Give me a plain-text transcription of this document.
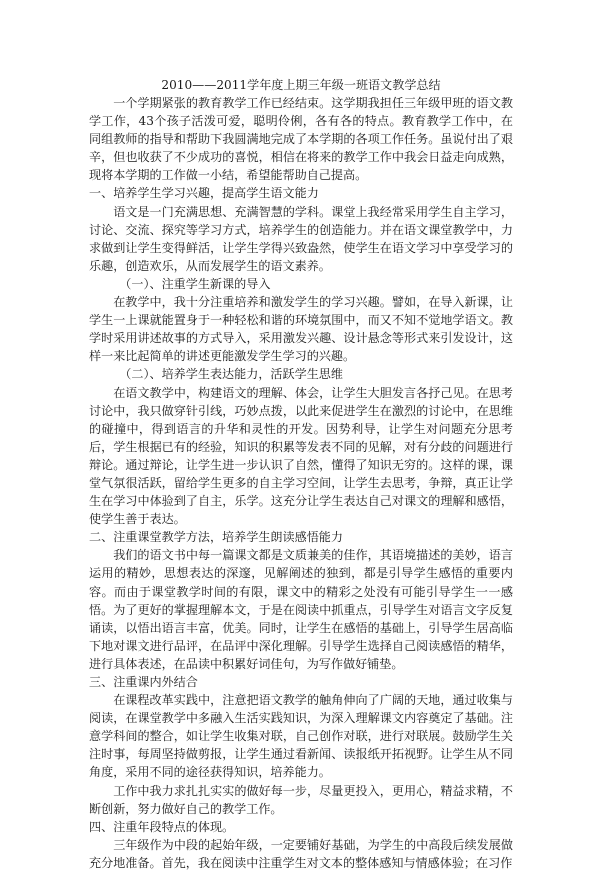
2010——2011学年度上期三年级一班语文教学总结

一个学期紧张的教育教学工作已经结束。这学期我担任三年级甲班的语文教学工作，43个孩子活泼可爱，聪明伶俐，各有各的特点。教育教学工作中，在同组教师的指导和帮助下我圆满地完成了本学期的各项工作任务。虽说付出了艰辛，但也收获了不少成功的喜悦，相信在将来的教学工作中我会日益走向成熟，现将本学期的工作做一小结，希望能帮助自己提高。

一、培养学生学习兴趣，提高学生语文能力

语文是一门充满思想、充满智慧的学科。课堂上我经常采用学生自主学习，讨论、交流、探究等学习方式，培养学生的创造能力。并在语文课堂教学中，力求做到让学生变得鲜活，让学生学得兴致盎然，使学生在语文学习中享受学习的乐趣，创造欢乐，从而发展学生的语文素养。

（一）、注重学生新课的导入

在教学中，我十分注重培养和激发学生的学习兴趣。譬如，在导入新课，让学生一上课就能置身于一种轻松和谐的环境氛围中，而又不知不觉地学语文。教学时采用讲述故事的方式导入，采用激发兴趣、设计悬念等形式来引发设计，这样一来比起简单的讲述更能激发学生学习的兴趣。

（二）、培养学生表达能力，活跃学生思维

在语文教学中，构建语文的理解、体会，让学生大胆发言各抒己见。在思考讨论中，我只做穿针引线，巧妙点拨，以此来促进学生在激烈的讨论中，在思维的碰撞中，得到语言的升华和灵性的开发。因势利导，让学生对问题充分思考后，学生根据已有的经验，知识的积累等发表不同的见解，对有分歧的问题进行辩论。通过辩论，让学生进一步认识了自然，懂得了知识无穷的。这样的课，课堂气氛很活跃，留给学生更多的自主学习空间，让学生去思考，争辩，真正让学生在学习中体验到了自主，乐学。这充分让学生表达自己对课文的理解和感悟，使学生善于表达。

二、注重课堂教学方法，培养学生朗读感悟能力

我们的语文书中每一篇课文都是文质兼美的佳作，其语境描述的美妙，语言运用的精妙，思想表达的深邃，见解阐述的独到，都是引导学生感悟的重要内容。而由于课堂教学时间的有限，课文中的精彩之处没有可能引导学生一一感悟。为了更好的掌握理解本文，于是在阅读中抓重点，引导学生对语言文字反复诵读，以悟出语言丰富，优美。同时，让学生在感悟的基础上，引导学生居高临下地对课文进行品评，在品评中深化理解。引导学生选择自己阅读感悟的精华，进行具体表述，在品读中积累好词佳句，为写作做好铺垫。

三、注重课内外结合

在课程改革实践中，注意把语文教学的触角伸向了广阔的天地，通过收集与阅读，在课堂教学中多融入生活实践知识，为深入理解课文内容奠定了基础。注意学科间的整合，如让学生收集对联，自己创作对联，进行对联展。鼓励学生关注时事，每周坚持做剪报，让学生通过看新闻、读报纸开拓视野。让学生从不同角度，采用不同的途径获得知识，培养能力。

工作中我力求扎扎实实的做好每一步，尽量更投入，更用心，精益求精，不断创新，努力做好自己的教学工作。

四、注重年段特点的体现。

三年级作为中段的起始年级，一定要铺好基础，为学生的中高段后续发展做充分地准备。首先，我在阅读中注重学生对文本的整体感知与情感体验；在习作
